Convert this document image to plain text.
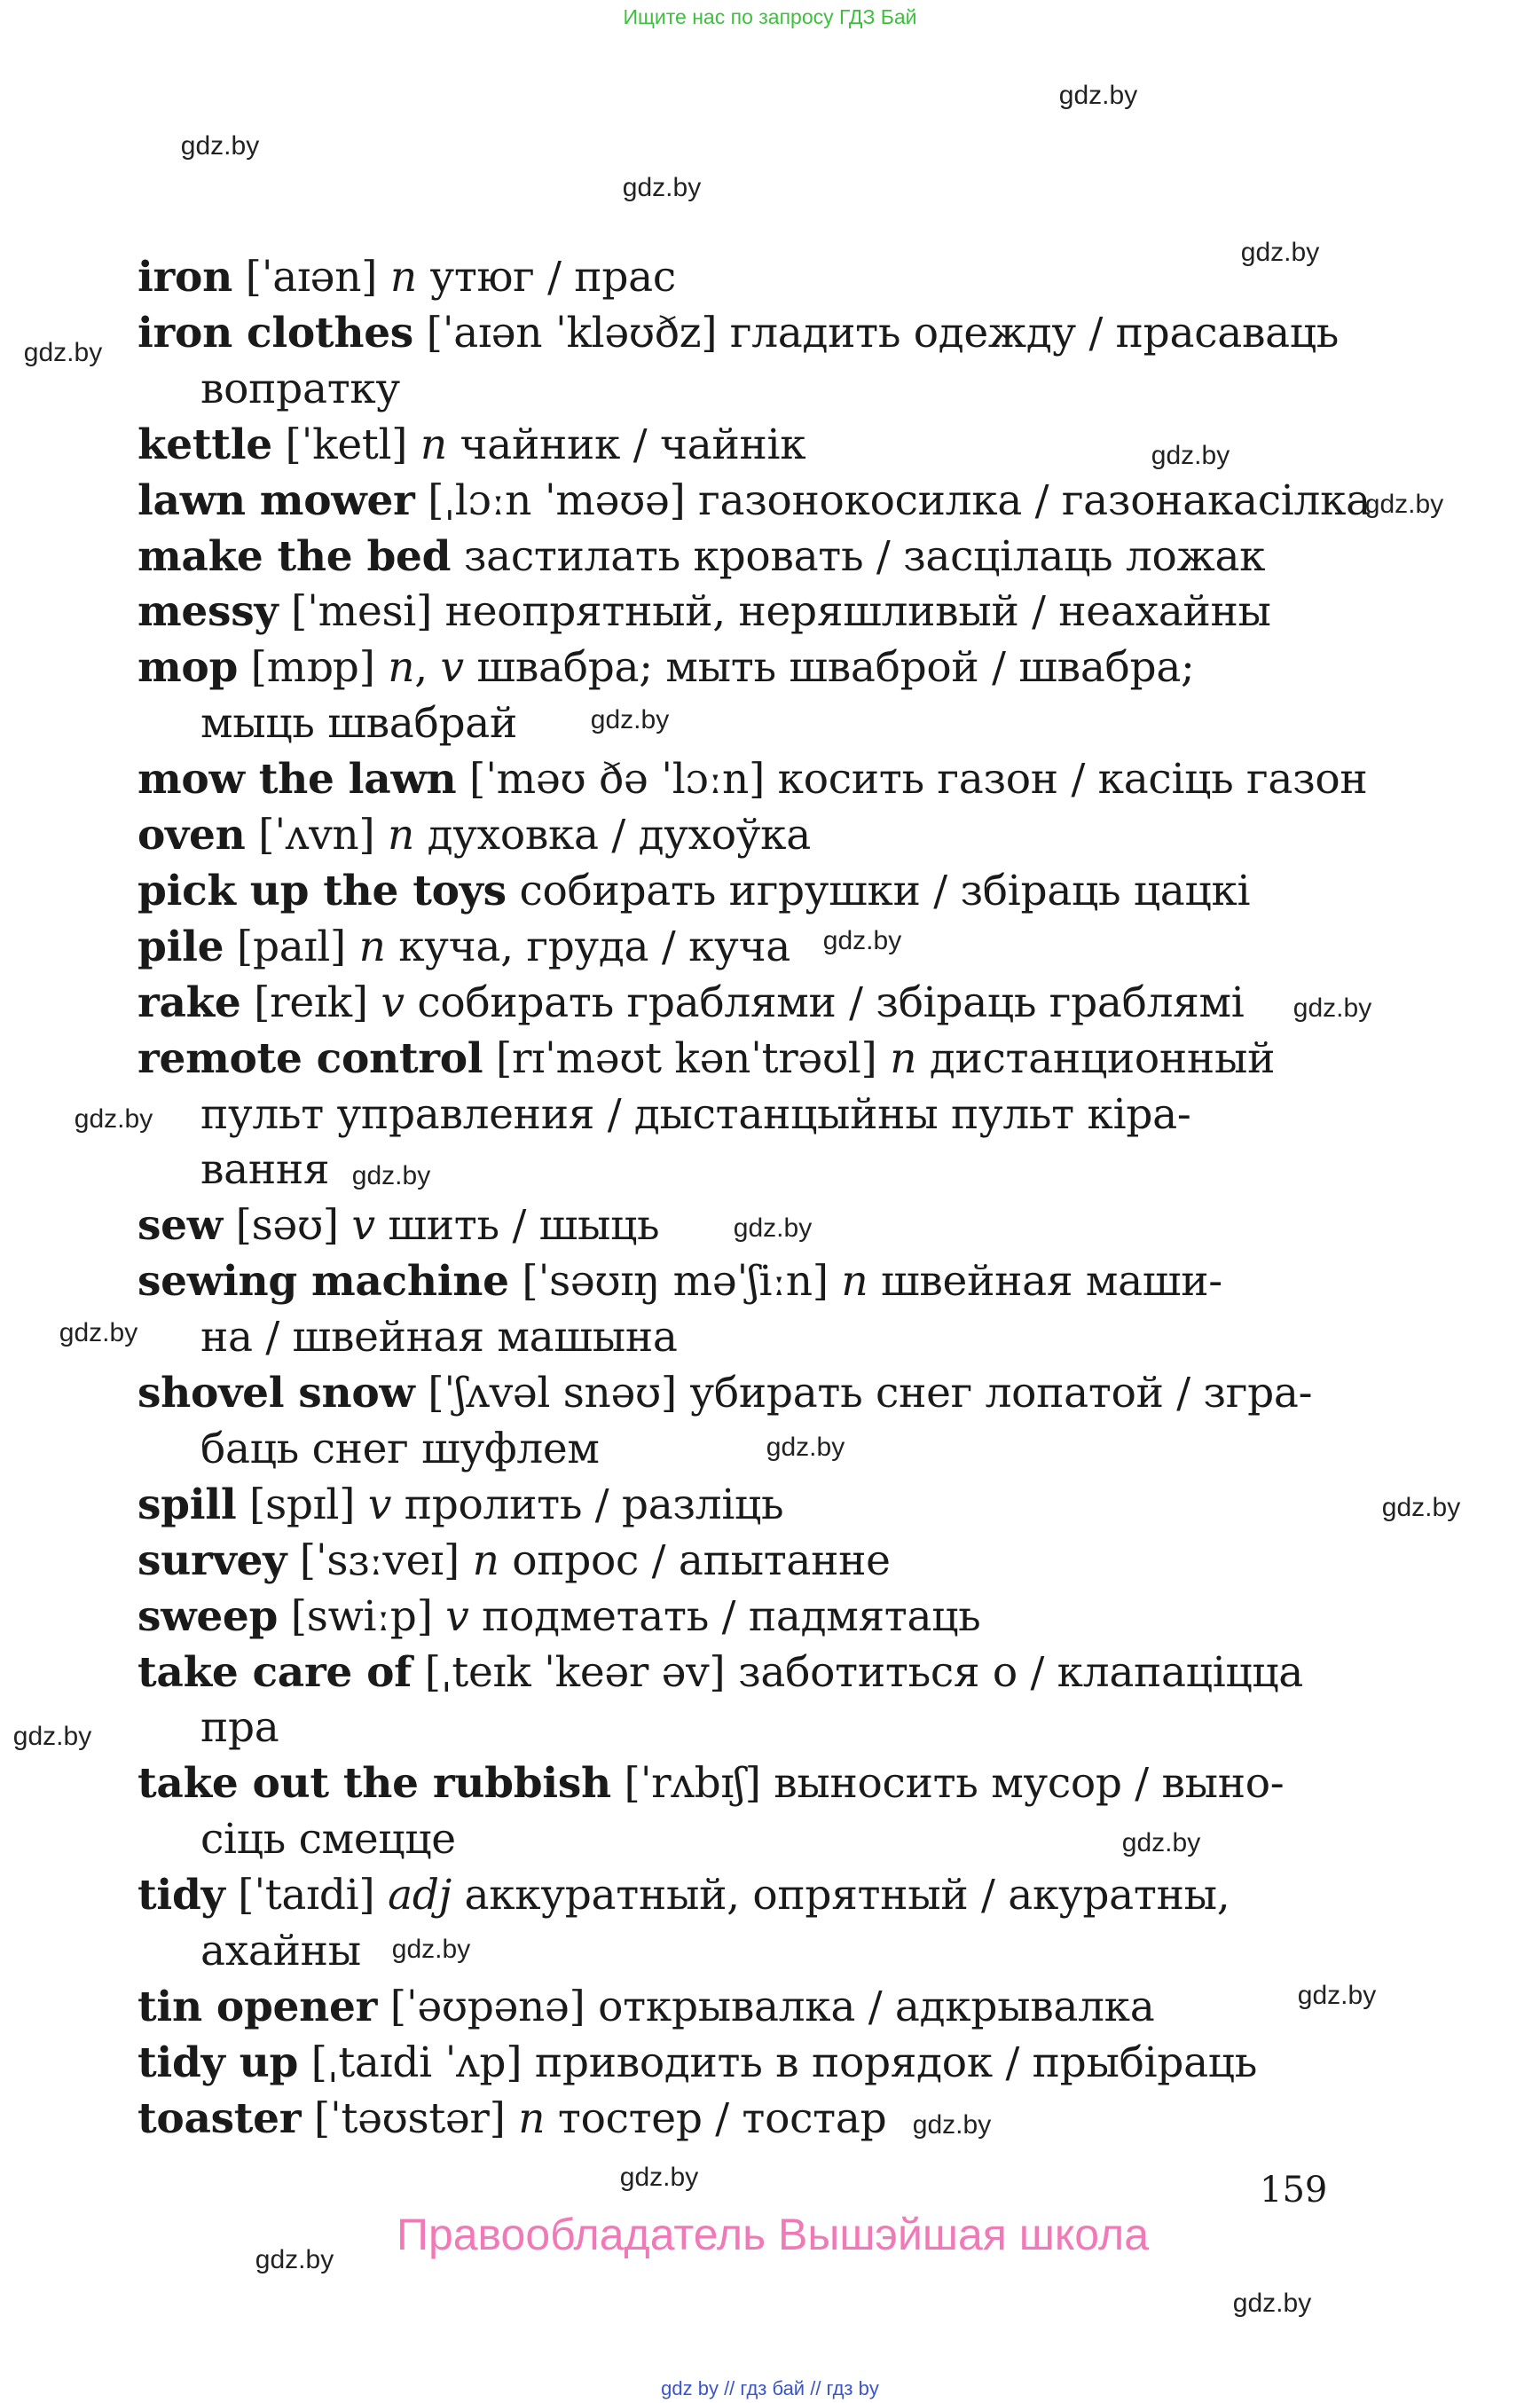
Ищите нас по запросу ГДЗ Бай
iron [ˈaɪən] n утюг / прас
iron clothes [ˈaɪən ˈkləʊðz] гладить одежду / прасаваць
вопратку
kettle [ˈketl] n чайник / чайнік
lawn mower [ˌlɔːn ˈməʊə] газонокосилка / газонакасілка
make the bed застилать кровать / засцілаць ложак
messy [ˈmesi] неопрятный, неряшливый / неахайны
mop [mɒp] n, v швабра; мыть шваброй / швабра;
мыць швабрай
mow the lawn [ˈməʊ ðə ˈlɔːn] косить газон / касіць газон
oven [ˈʌvn] n духовка / духоўка
pick up the toys собирать игрушки / збіраць цацкі
pile [paɪl] n куча, груда / куча
rake [reɪk] v собирать граблями / збіраць граблямі
remote control [rɪˈməʊt kənˈtrəʊl] n дистанционный
пульт управления / дыстанцыйны пульт кіра-
вання
sew [səʊ] v шить / шыць
sewing machine [ˈsəʊɪŋ məˈʃiːn] n швейная маши-
на / швейная машына
shovel snow [ˈʃʌvəl snəʊ] убирать снег лопатой / згра-
баць снег шуфлем
spill [spɪl] v пролить / разліць
survey [ˈsɜːveɪ] n опрос / апытанне
sweep [swiːp] v подметать / падмятаць
take care of [ˌteɪk ˈkeər əv] заботиться о / клапаціцца
пра
take out the rubbish [ˈrʌbɪʃ] выносить мусор / выно-
сіць смецце
tidy [ˈtaɪdi] adj аккуратный, опрятный / акуратны,
ахайны
tin opener [ˈəʊpənə] открывалка / адкрывалка
tidy up [ˌtaɪdi ˈʌp] приводить в порядок / прыбіраць
toaster [ˈtəʊstər] n тостер / тостар
gdz.by
gdz.by
gdz.by
gdz.by
gdz.by
gdz.by
gdz.by
gdz.by
gdz.by
gdz.by
gdz.by
gdz.by
gdz.by
gdz.by
gdz.by
gdz.by
gdz.by
gdz.by
gdz.by
gdz.by
gdz.by
gdz.by
gdz.by
gdz.by
159
Правообладатель Вышэйшая школа
gdz by // гдз бай // гдз by
